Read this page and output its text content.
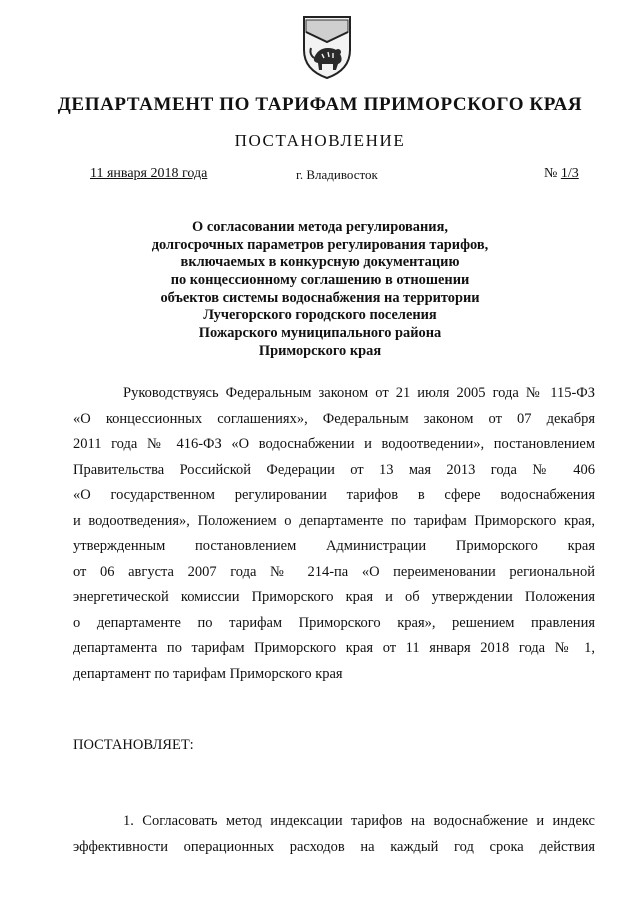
ДЕПАРТАМЕНТ ПО ТАРИФАМ ПРИМОРСКОГО КРАЯ
ПОСТАНОВЛЕНИЕ
11 января 2018 года	г. Владивосток	№ 1/3
О согласовании метода регулирования,
долгосрочных параметров регулирования тарифов,
включаемых в конкурсную документацию
по концессионному соглашению в отношении
объектов системы водоснабжения на территории
Лучегорского городского поселения
Пожарского муниципального района
Приморского края
Руководствуясь Федеральным законом от 21 июля 2005 года № 115-ФЗ
«О концессионных соглашениях», Федеральным законом от 07 декабря
2011 года № 416-ФЗ «О водоснабжении и водоотведении», постановлением
Правительства Российской Федерации от 13 мая 2013 года № 406
«О государственном регулировании тарифов в сфере водоснабжения
и водоотведения», Положением о департаменте по тарифам Приморского края,
утвержденным постановлением Администрации Приморского края
от 06 августа 2007 года № 214-па «О переименовании региональной
энергетической комиссии Приморского края и об утверждении Положения
о департаменте по тарифам Приморского края», решением правления
департамента по тарифам Приморского края от 11 января 2018 года № 1,
департамент по тарифам Приморского края
ПОСТАНОВЛЯЕТ:
1. Согласовать метод индексации тарифов на водоснабжение и индекс
эффективности операционных расходов на каждый год срока действия
